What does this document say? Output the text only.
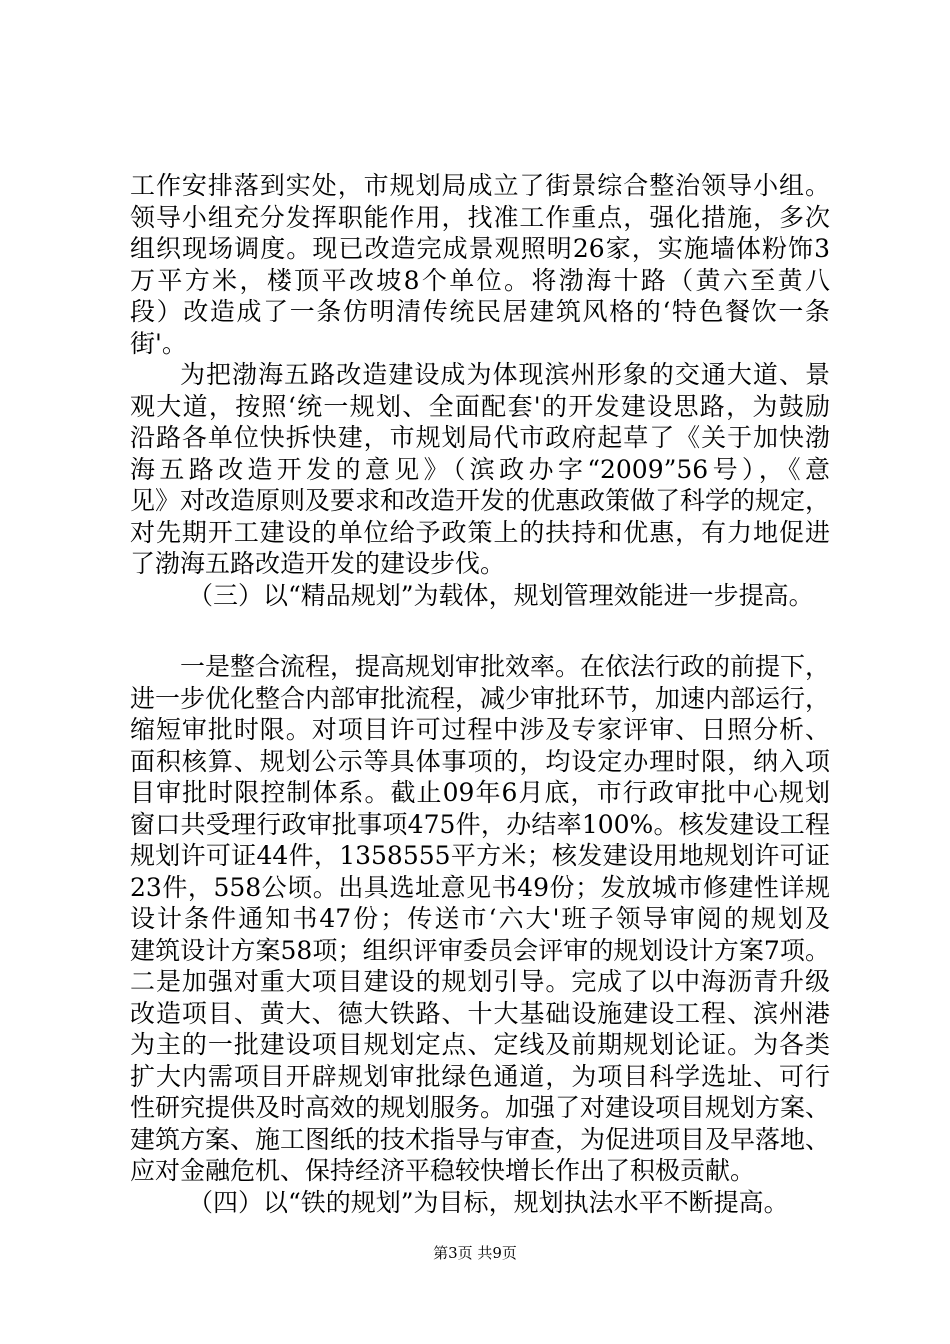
工作安排落到实处，市规划局成立了街景综合整治领导小组。
领导小组充分发挥职能作用，找准工作重点，强化措施，多次
组织现场调度。现已改造完成景观照明26家，实施墙体粉饰3
万平方米，楼顶平改坡8个单位。将渤海十路（黄六至黄八
段）改造成了一条仿明清传统民居建筑风格的‘特色餐饮一条
街'。
为把渤海五路改造建设成为体现滨州形象的交通大道、景
观大道，按照‘统一规划、全面配套'的开发建设思路，为鼓励
沿路各单位快拆快建，市规划局代市政府起草了《关于加快渤
海五路改造开发的意见》（滨政办字“2009”56号），《意
见》对改造原则及要求和改造开发的优惠政策做了科学的规定，
对先期开工建设的单位给予政策上的扶持和优惠，有力地促进
了渤海五路改造开发的建设步伐。
（三）以“精品规划”为载体，规划管理效能进一步提高。
一是整合流程，提高规划审批效率。在依法行政的前提下，
进一步优化整合内部审批流程，减少审批环节，加速内部运行，
缩短审批时限。对项目许可过程中涉及专家评审、日照分析、
面积核算、规划公示等具体事项的，均设定办理时限，纳入项
目审批时限控制体系。截止09年6月底，市行政审批中心规划
窗口共受理行政审批事项475件，办结率100%。核发建设工程
规划许可证44件，1358555平方米；核发建设用地规划许可证
23件，558公顷。出具选址意见书49份；发放城市修建性详规
设计条件通知书47份；传送市‘六大'班子领导审阅的规划及
建筑设计方案58项；组织评审委员会评审的规划设计方案7项。
二是加强对重大项目建设的规划引导。完成了以中海沥青升级
改造项目、黄大、德大铁路、十大基础设施建设工程、滨州港
为主的一批建设项目规划定点、定线及前期规划论证。为各类
扩大内需项目开辟规划审批绿色通道，为项目科学选址、可行
性研究提供及时高效的规划服务。加强了对建设项目规划方案、
建筑方案、施工图纸的技术指导与审查，为促进项目及早落地、
应对金融危机、保持经济平稳较快增长作出了积极贡献。
（四）以“铁的规划”为目标，规划执法水平不断提高。
第3页 共9页
